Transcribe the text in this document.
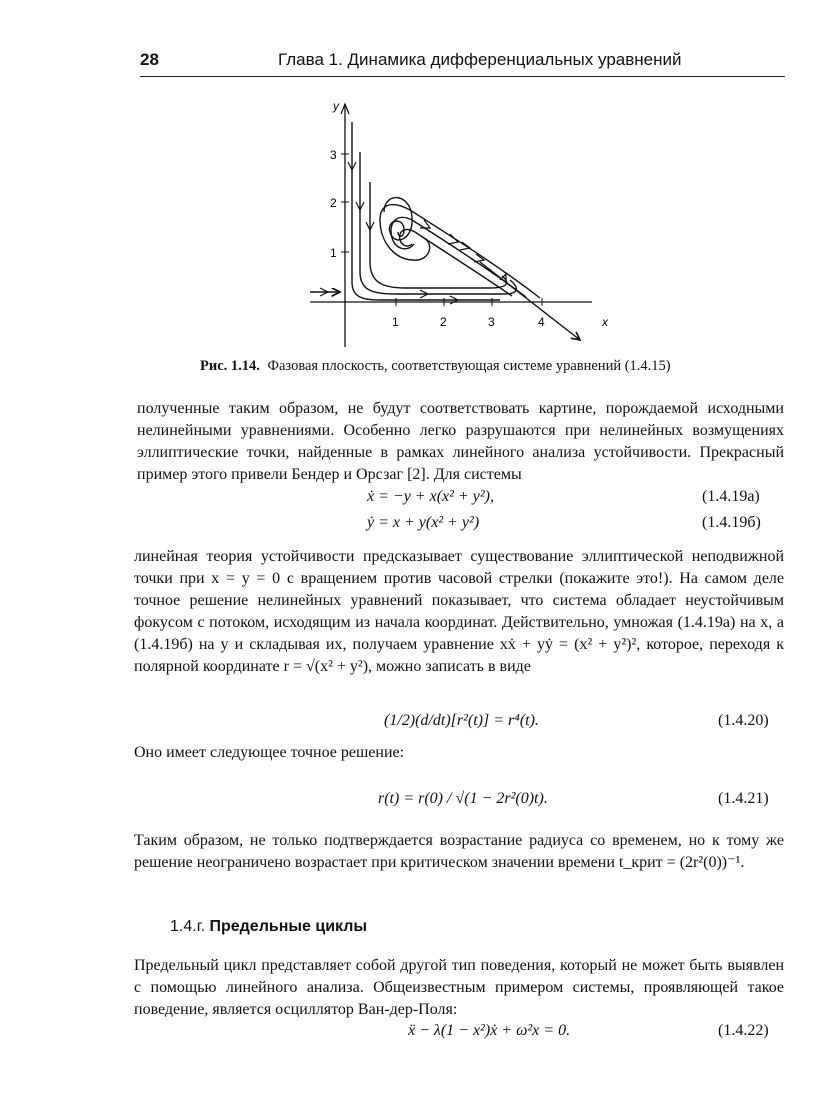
28	Глава 1. Динамика дифференциальных уравнений
y
x
1	2	3	4
1
2
3
Рис. 1.14. Фазовая плоскость, соответствующая системе уравнений (1.4.15)
полученные таким образом, не будут соответствовать картине, порождаемой исходными нелинейными уравнениями. Особенно легко разрушаются при нелинейных возмущениях эллиптические точки, найденные в рамках линейного анализа устойчивости. Прекрасный пример этого привели Бендер и Орсзаг [2]. Для системы
ẋ = −y + x(x² + y²),	(1.4.19а)
ẏ = x + y(x² + y²)	(1.4.19б)
линейная теория устойчивости предсказывает существование эллиптической неподвижной точки при x = y = 0 с вращением против часовой стрелки (покажите это!). На самом деле точное решение нелинейных уравнений показывает, что система обладает неустойчивым фокусом с потоком, исходящим из начала координат. Действительно, умножая (1.4.19а) на x, а (1.4.19б) на y и складывая их, получаем уравнение xẋ + yẏ = (x² + y²)², которое, переходя к полярной координате r = √(x² + y²), можно записать в виде
(1/2)(d/dt)[r²(t)] = r⁴(t).	(1.4.20)
Оно имеет следующее точное решение:
r(t) = r(0) / √(1 − 2r²(0)t).	(1.4.21)
Таким образом, не только подтверждается возрастание радиуса со временем, но к тому же решение неограничено возрастает при критическом значении времени t_крит = (2r²(0))⁻¹.
1.4.г. Предельные циклы
Предельный цикл представляет собой другой тип поведения, который не может быть выявлен с помощью линейного анализа. Общеизвестным примером системы, проявляющей такое поведение, является осциллятор Ван-дер-Поля:
ẍ − λ(1 − x²)ẋ + ω²x = 0.	(1.4.22)
